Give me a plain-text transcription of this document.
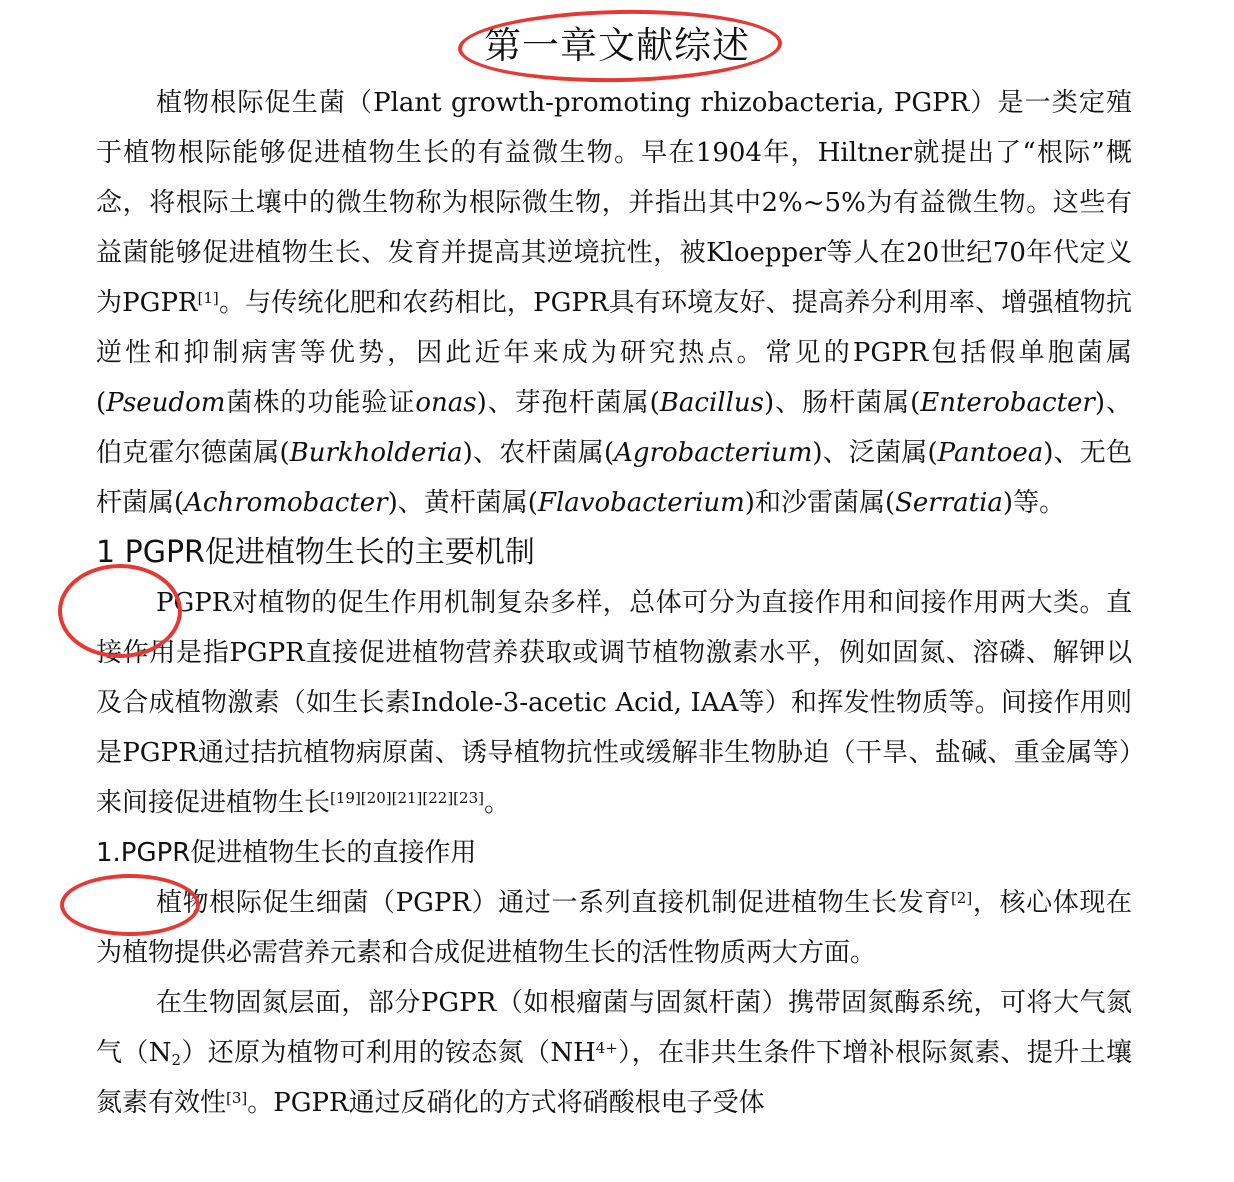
第一章文献综述

植物根际促生菌（Plant growth-promoting rhizobacteria, PGPR）是一类定殖于植物根际能够促进植物生长的有益微生物。早在1904年，Hiltner就提出了“根际”概念，将根际土壤中的微生物称为根际微生物，并指出其中2%~5%为有益微生物。这些有益菌能够促进植物生长、发育并提高其逆境抗性，被Kloepper等人在20世纪70年代定义为PGPR[1]。与传统化肥和农药相比，PGPR具有环境友好、提高养分利用率、增强植物抗逆性和抑制病害等优势，因此近年来成为研究热点。常见的PGPR包括假单胞菌属(Pseudom菌株的功能验证onas)、芽孢杆菌属(Bacillus)、肠杆菌属(Enterobacter)、伯克霍尔德菌属(Burkholderia)、农杆菌属(Agrobacterium)、泛菌属(Pantoea)、无色杆菌属(Achromobacter)、黄杆菌属(Flavobacterium)和沙雷菌属(Serratia)等。

1 PGPR促进植物生长的主要机制

PGPR对植物的促生作用机制复杂多样，总体可分为直接作用和间接作用两大类。直接作用是指PGPR直接促进植物营养获取或调节植物激素水平，例如固氮、溶磷、解钾以及合成植物激素（如生长素Indole-3-acetic Acid, IAA等）和挥发性物质等。间接作用则是PGPR通过拮抗植物病原菌、诱导植物抗性或缓解非生物胁迫（干旱、盐碱、重金属等）来间接促进植物生长[19][20][21][22][23]。

1.PGPR促进植物生长的直接作用

植物根际促生细菌（PGPR）通过一系列直接机制促进植物生长发育[2]，核心体现在为植物提供必需营养元素和合成促进植物生长的活性物质两大方面。

在生物固氮层面，部分PGPR（如根瘤菌与固氮杆菌）携带固氮酶系统，可将大气氮气$(N_2)$还原为植物可利用的铵态氮$(NH^{4+})$，在非共生条件下增补根际氮素、提升土壤氮素有效性[3]。PGPR通过反硝化的方式将硝酸根电子受体
